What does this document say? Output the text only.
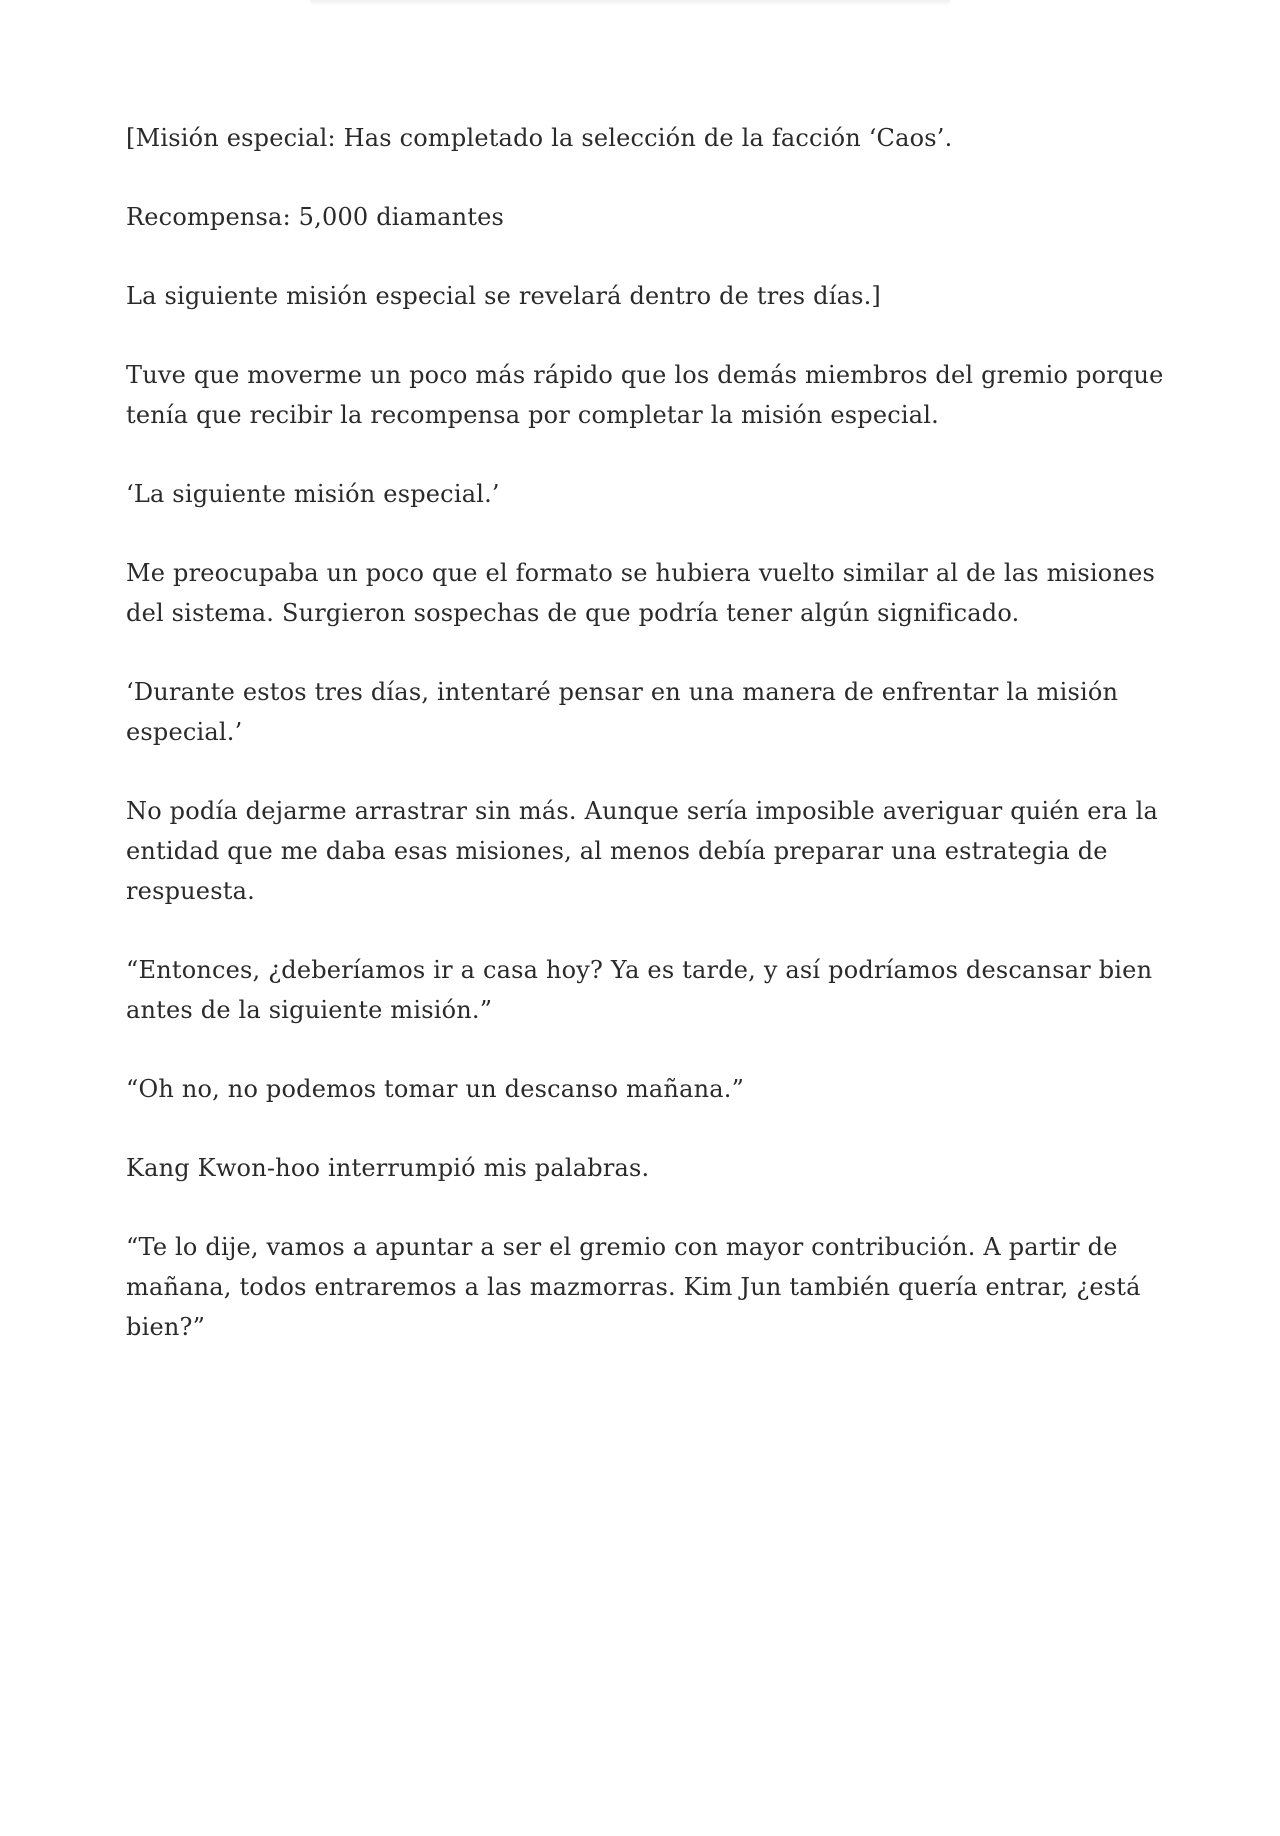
[Misión especial: Has completado la selección de la facción ‘Caos’.

Recompensa: 5,000 diamantes

La siguiente misión especial se revelará dentro de tres días.]

Tuve que moverme un poco más rápido que los demás miembros del gremio porque tenía que recibir la recompensa por completar la misión especial.

‘La siguiente misión especial.’

Me preocupaba un poco que el formato se hubiera vuelto similar al de las misiones del sistema. Surgieron sospechas de que podría tener algún significado.

‘Durante estos tres días, intentaré pensar en una manera de enfrentar la misión especial.’

No podía dejarme arrastrar sin más. Aunque sería imposible averiguar quién era la entidad que me daba esas misiones, al menos debía preparar una estrategia de respuesta.

“Entonces, ¿deberíamos ir a casa hoy? Ya es tarde, y así podríamos descansar bien antes de la siguiente misión.”

“Oh no, no podemos tomar un descanso mañana.”

Kang Kwon-hoo interrumpió mis palabras.

“Te lo dije, vamos a apuntar a ser el gremio con mayor contribución. A partir de mañana, todos entraremos a las mazmorras. Kim Jun también quería entrar, ¿está bien?”
